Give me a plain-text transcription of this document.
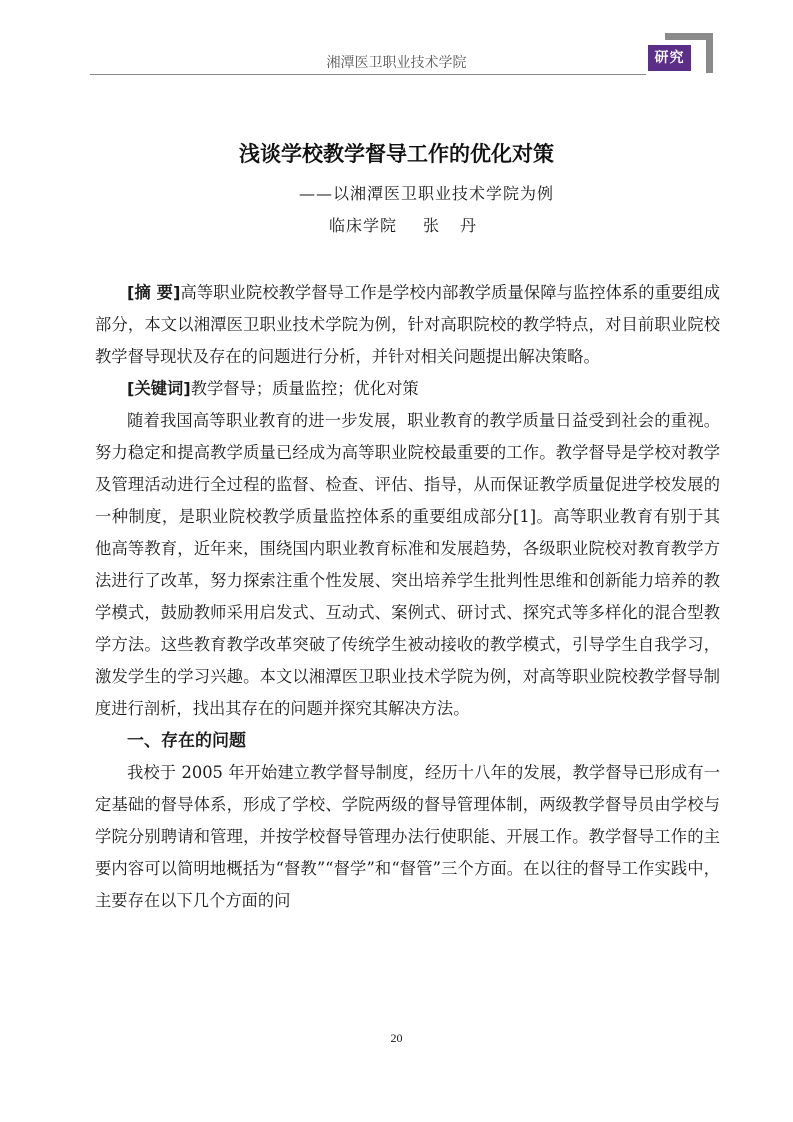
湘潭医卫职业技术学院	研究
浅谈学校教学督导工作的优化对策
——以湘潭医卫职业技术学院为例
临床学院 张 丹

[摘 要]高等职业院校教学督导工作是学校内部教学质量保障与监控体系的重要组成部分，本文以湘潭医卫职业技术学院为例，针对高职院校的教学特点，对目前职业院校教学督导现状及存在的问题进行分析，并针对相关问题提出解决策略。

[关键词]教学督导；质量监控；优化对策

随着我国高等职业教育的进一步发展，职业教育的教学质量日益受到社会的重视。努力稳定和提高教学质量已经成为高等职业院校最重要的工作。教学督导是学校对教学及管理活动进行全过程的监督、检查、评估、指导，从而保证教学质量促进学校发展的一种制度，是职业院校教学质量监控体系的重要组成部分[1]。高等职业教育有别于其他高等教育，近年来，围绕国内职业教育标准和发展趋势，各级职业院校对教育教学方法进行了改革，努力探索注重个性发展、突出培养学生批判性思维和创新能力培养的教学模式，鼓励教师采用启发式、互动式、案例式、研讨式、探究式等多样化的混合型教学方法。这些教育教学改革突破了传统学生被动接收的教学模式，引导学生自我学习，激发学生的学习兴趣。本文以湘潭医卫职业技术学院为例，对高等职业院校教学督导制度进行剖析，找出其存在的问题并探究其解决方法。

一、存在的问题

我校于 2005 年开始建立教学督导制度，经历十八年的发展，教学督导已形成有一定基础的督导体系，形成了学校、学院两级的督导管理体制，两级教学督导员由学校与学院分别聘请和管理，并按学校督导管理办法行使职能、开展工作。教学督导工作的主要内容可以简明地概括为“督教”“督学”和“督管”三个方面。在以往的督导工作实践中，主要存在以下几个方面的问

20
